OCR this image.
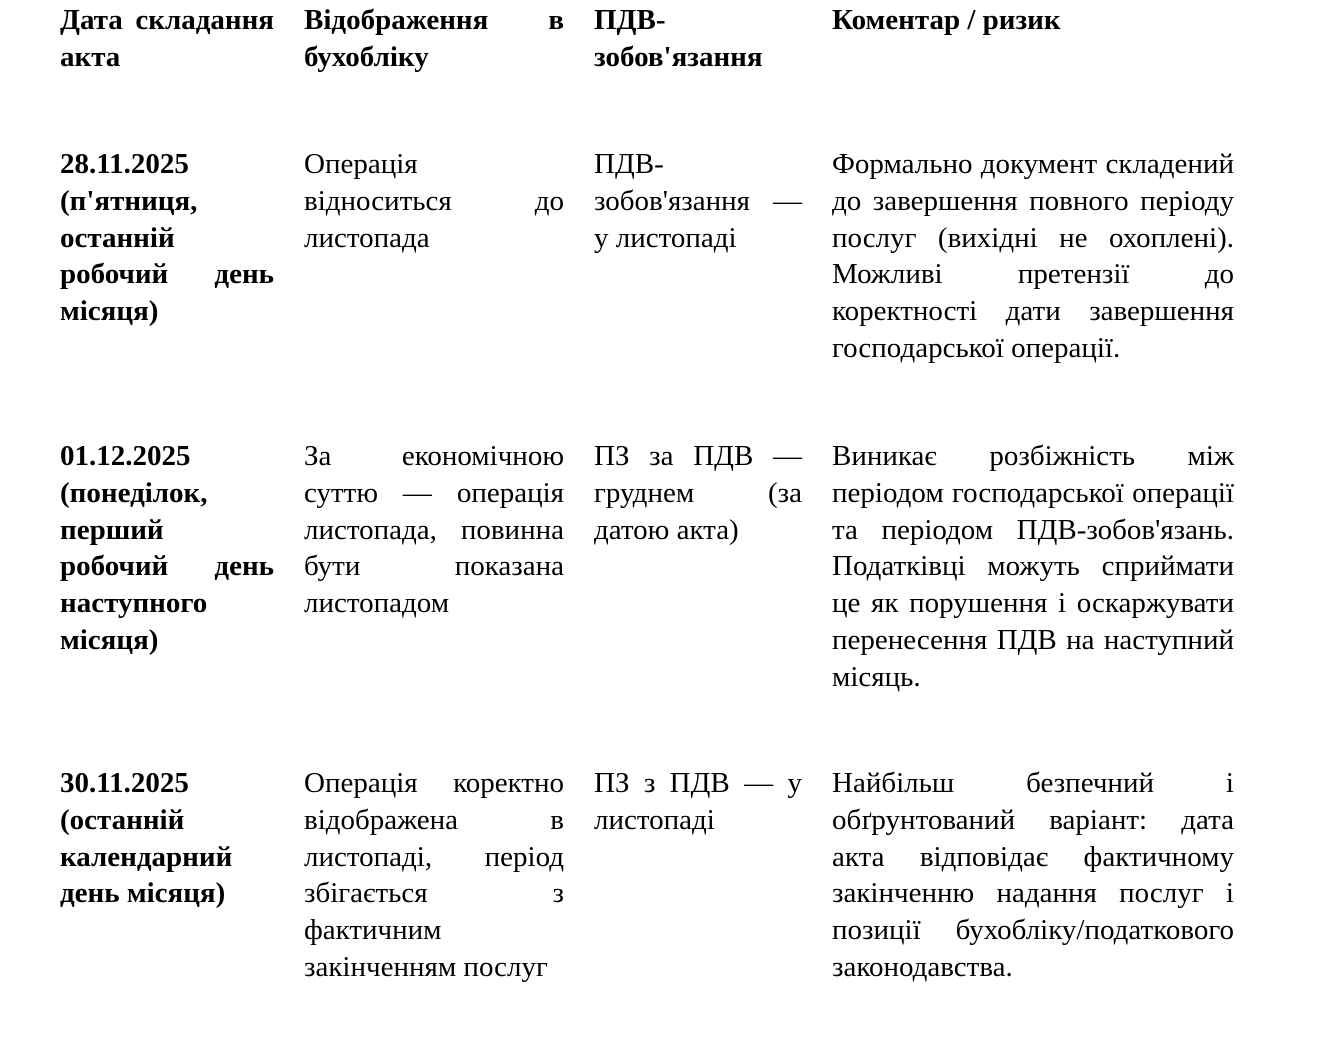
Дата складання акта
Відображення в бухобліку
ПДВ-зобов'язання
Коментар / ризик
28.11.2025 (п'ятниця, останній робочий день місяця)
Операція відноситься до листопада
ПДВ-зобов'язання — у листопаді
Формально документ складений до завершення повного періоду послуг (вихідні не охоплені). Можливі претензії до коректності дати завершення господарської операції.
01.12.2025 (понеділок, перший робочий день наступного місяця)
За економічною суттю — операція листопада, повинна бути показана листопадом
ПЗ за ПДВ — груднем (за датою акта)
Виникає розбіжність між періодом господарської операції та періодом ПДВ-зобов'язань. Податківці можуть сприймати це як порушення і оскаржувати перенесення ПДВ на наступний місяць.
30.11.2025 (останній календарний день місяця)
Операція коректно відображена в листопаді, період збігається з фактичним закінченням послуг
ПЗ з ПДВ — у листопаді
Найбільш безпечний і обґрунтований варіант: дата акта відповідає фактичному закінченню надання послуг і позиції бухобліку/податкового законодавства.
